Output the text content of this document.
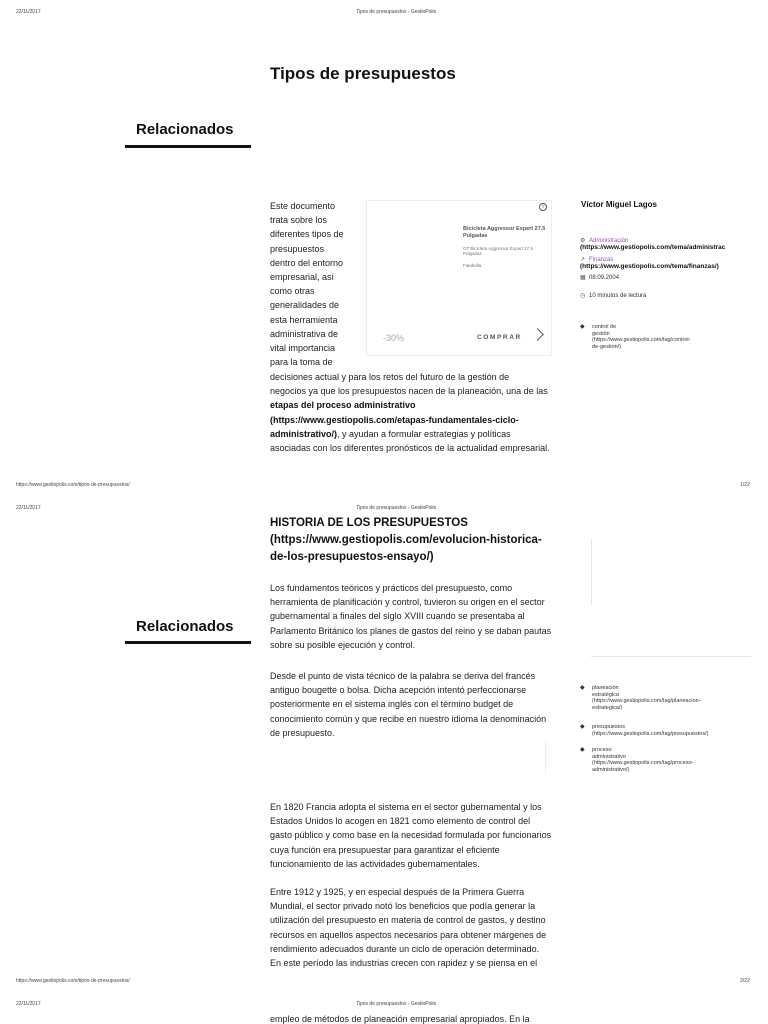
22/11/2017	Tipos de presupuestos - GestioPolis
Tipos de presupuestos
Relacionados
Este documento
trata sobre los
diferentes tipos de
presupuestos
dentro del entorno
empresarial, así
como otras
generalidades de
esta herramienta
administrativa de
vital importancia
para la toma de
decisiones actual y para los retos del futuro de la gestión de
negocios ya que los presupuestos nacen de la planeación, una de las
etapas del proceso administrativo
(https://www.gestiopolis.com/etapas-fundamentales-ciclo-
administrativo/), y ayudan a formular estrategias y políticas
asociadas con los diferentes pronósticos de la actualidad empresarial.
i
Bicicleta Aggressor Expert 27.5 Pulgadas
GT Bicicleta Aggressor Expert 27.5 Pulgadas
Falabella
-30%	COMPRAR
Víctor Miguel Lagos
⚙ Administración
(https://www.gestiopolis.com/tema/administrac
↗ Finanzas
(https://www.gestiopolis.com/tema/finanzas/)
▦ 08.09.2004
◷ 10 minutos de lectura
◆ control de
gestión
(https://www.gestiopolis.com/tag/control-
de-gestion/)
https://www.gestiopolis.com/tipos-de-presupuestos/	1/22
22/11/2017	Tipos de presupuestos - GestioPolis
HISTORIA DE LOS PRESUPUESTOS
(https://www.gestiopolis.com/evolucion-historica-
de-los-presupuestos-ensayo/)
Relacionados
Los fundamentos teóricos y prácticos del presupuesto, como
herramienta de planificación y control, tuvieron su origen en el sector
gubernamental a finales del siglo XVIII cuando se presentaba al
Parlamento Británico los planes de gastos del reino y se daban pautas
sobre su posible ejecución y control.
Desde el punto de vista técnico de la palabra se deriva del francés
antiguo bougette o bolsa. Dicha acepción intentó perfeccionarse
posteriormente en el sistema inglés con el término budget de
conocimiento común y que recibe en nuestro idioma la denominación
de presupuesto.
◆ planeación
estratégica
(https://www.gestiopolis.com/tag/planeacion-
estrategica/)
◆ presupuestos
(https://www.gestiopolis.com/tag/presupuestos/)
◆ proceso
administrativo
(https://www.gestiopolis.com/tag/proceso-
administrativo/)
En 1820 Francia adopta el sistema en el sector gubernamental y los
Estados Unidos lo acogen en 1821 como elemento de control del
gasto público y como base en la necesidad formulada por funcionarios
cuya función era presupuestar para garantizar el eficiente
funcionamiento de las actividades gubernamentales.
Entre 1912 y 1925, y en especial después de la Primera Guerra
Mundial, el sector privado notó los beneficios que podía generar la
utilización del presupuesto en materia de control de gastos, y destino
recursos en aquellos aspectos necesarios para obtener márgenes de
rendimiento adecuados durante un ciclo de operación determinado.
En este período las industrias crecen con rapidez y se piensa en el
https://www.gestiopolis.com/tipos-de-presupuestos/	2/22
22/11/2017	Tipos de presupuestos - GestioPolis
empleo de métodos de planeación empresarial apropiados. En la
